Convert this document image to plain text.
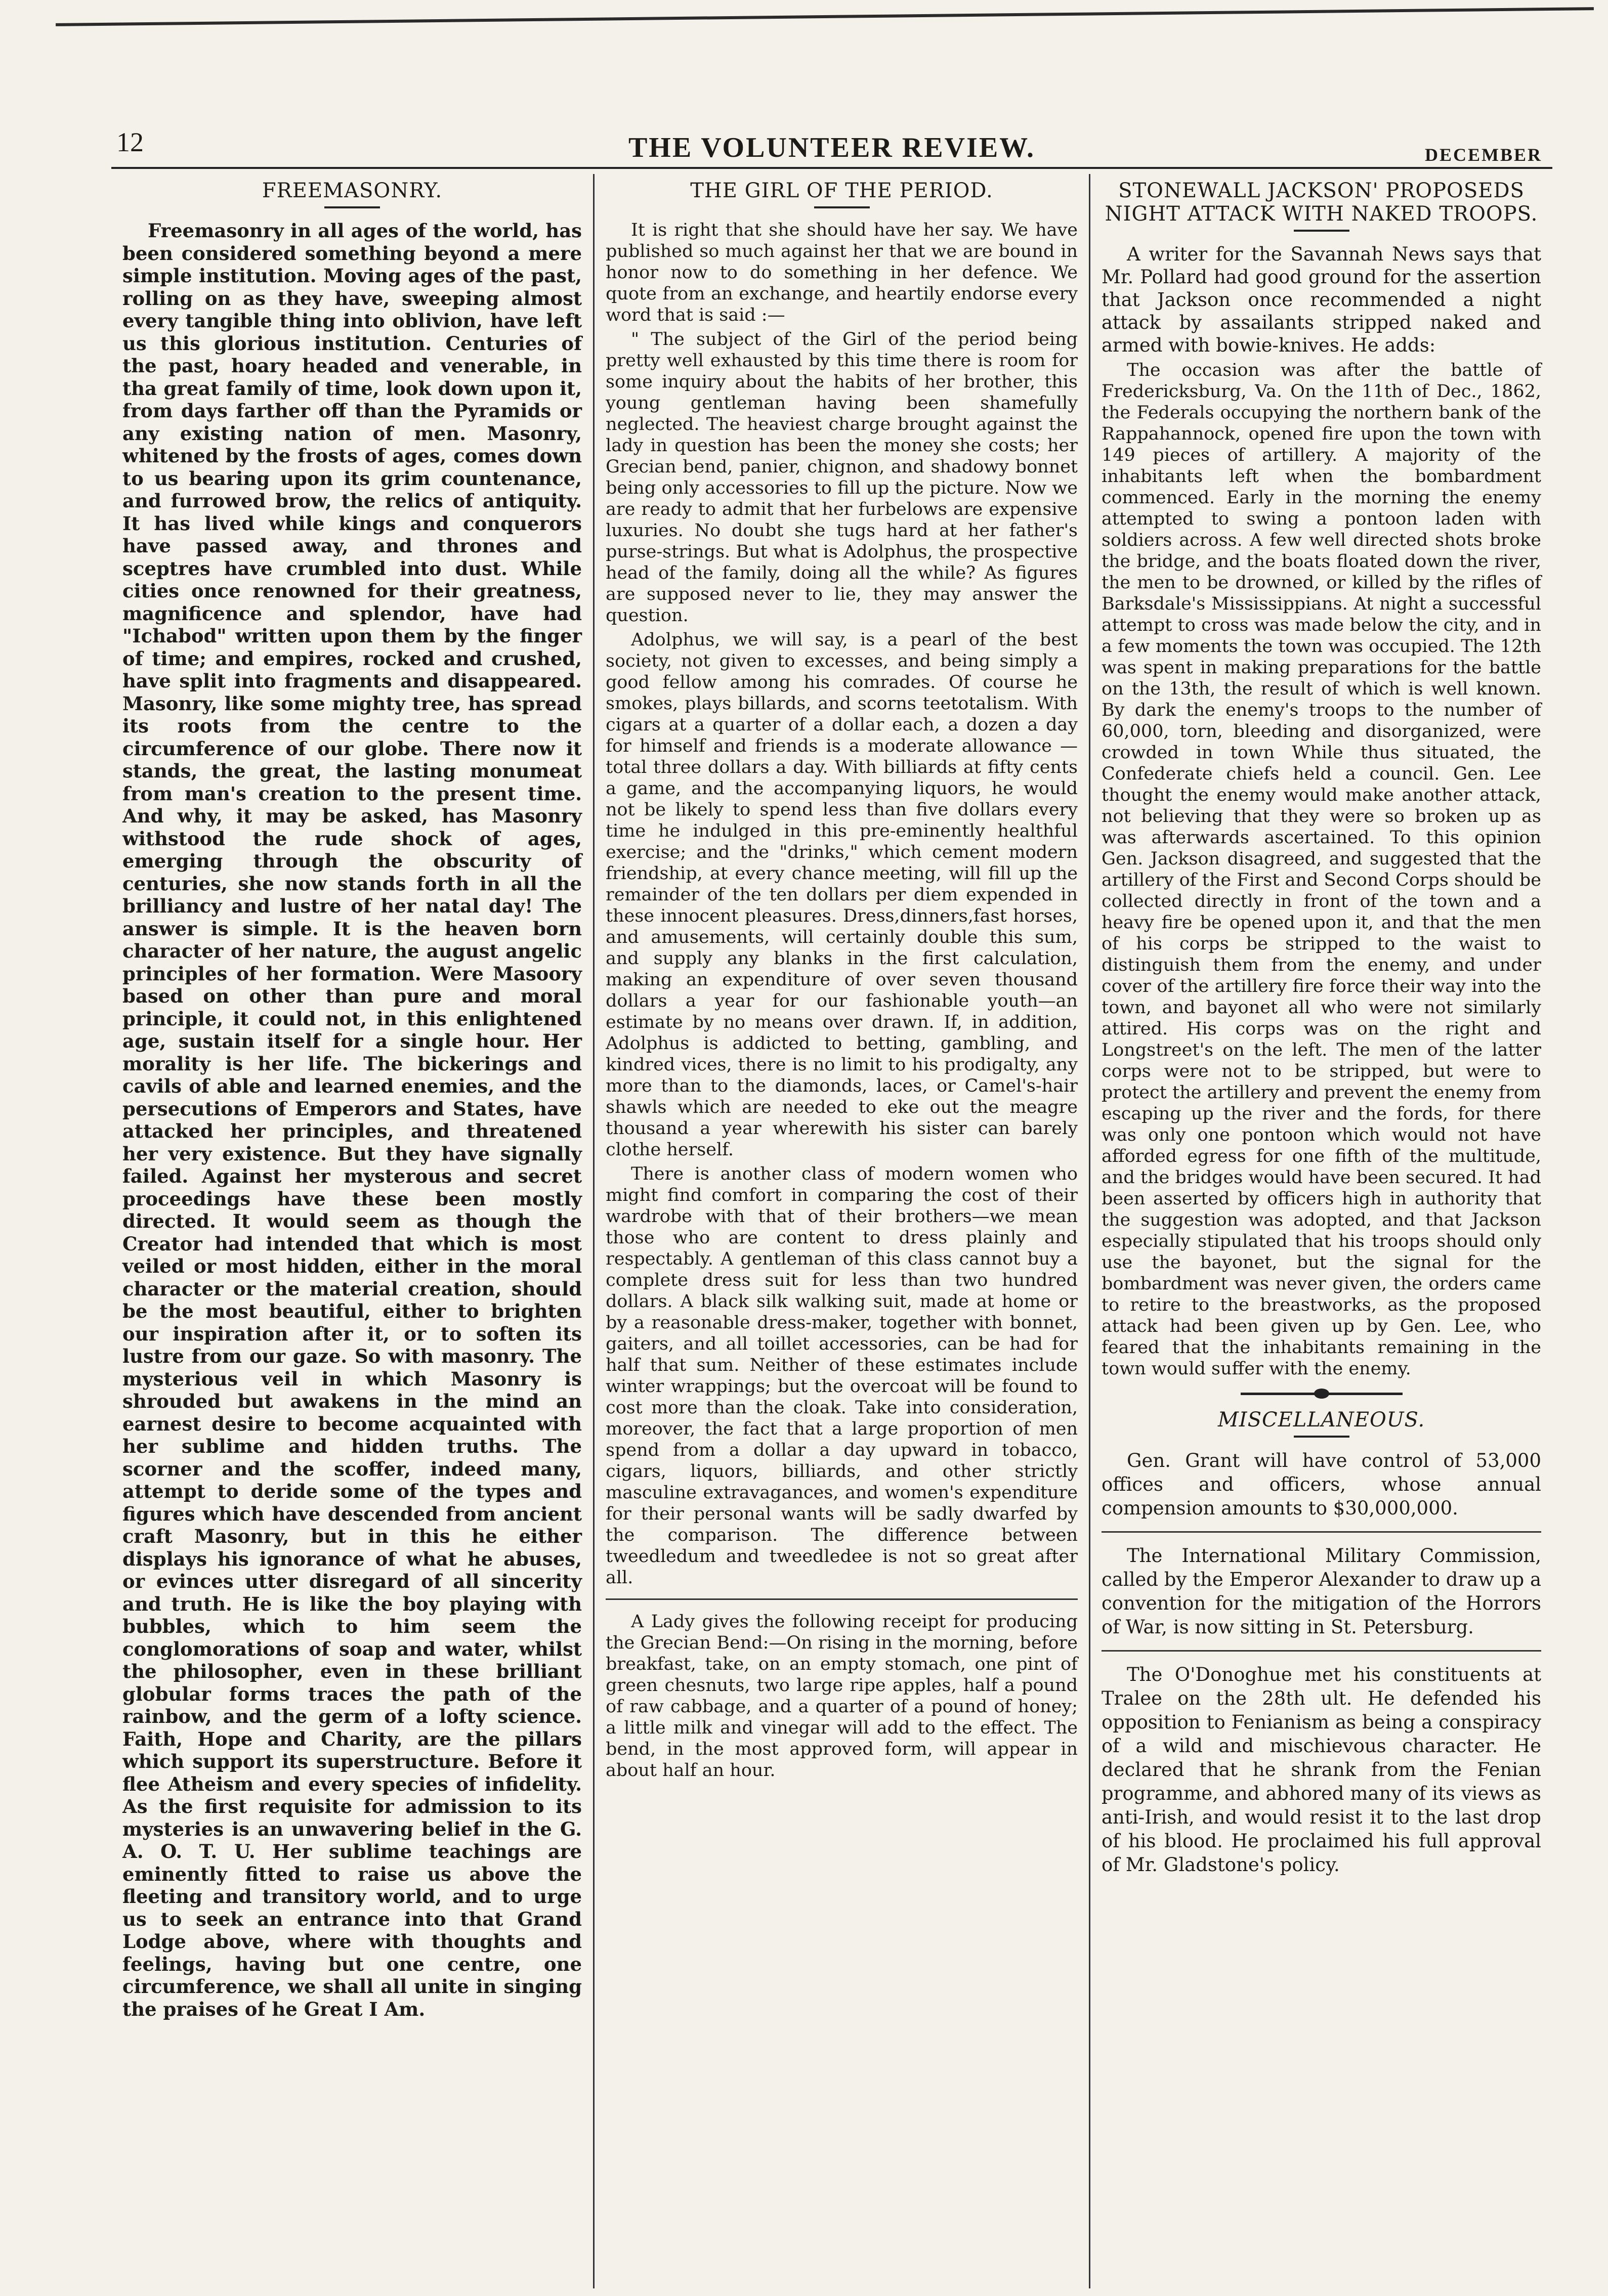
12	THE VOLUNTEER REVIEW.	DECEMBER
FREEMASONRY.

Freemasonry in all ages of the world, has been considered something beyond a mere simple institution. Moving ages of the past, rolling on as they have, sweeping almost every tangible thing into oblivion, have left us this glorious institution. Centuries of the past, hoary headed and venerable, in tha great family of time, look down upon it, from days farther off than the Pyramids or any existing nation of men. Masonry, whitened by the frosts of ages, comes down to us bearing upon its grim countenance, and furrowed brow, the relics of antiquity. It has lived while kings and conquerors have passed away, and thrones and sceptres have crumbled into dust. While cities once renowned for their greatness, magnificence and splendor, have had "Ichabod" written upon them by the finger of time; and empires, rocked and crushed, have split into fragments and disappeared. Masonry, like some mighty tree, has spread its roots from the centre to the circumference of our globe. There now it stands, the great, the lasting monumeat from man's creation to the present time. And why, it may be asked, has Masonry withstood the rude shock of ages, emerging through the obscurity of centuries, she now stands forth in all the brilliancy and lustre of her natal day! The answer is simple. It is the heaven born character of her nature, the august angelic principles of her formation. Were Masoory based on other than pure and moral principle, it could not, in this enlightened age, sustain itself for a single hour. Her morality is her life. The bickerings and cavils of able and learned enemies, and the persecutions of Emperors and States, have attacked her principles, and threatened her very existence. But they have signally failed. Against her mysterous and secret proceedings have these been mostly directed. It would seem as though the Creator had intended that which is most veiled or most hidden, either in the moral character or the material creation, should be the most beautiful, either to brighten our inspiration after it, or to soften its lustre from our gaze. So with masonry. The mysterious veil in which Masonry is shrouded but awakens in the mind an earnest desire to become acquainted with her sublime and hidden truths. The scorner and the scoffer, indeed many, attempt to deride some of the types and figures which have descended from ancient craft Masonry, but in this he either displays his ignorance of what he abuses, or evinces utter disregard of all sincerity and truth. He is like the boy playing with bubbles, which to him seem the conglomorations of soap and water, whilst the philosopher, even in these brilliant globular forms traces the path of the rainbow, and the germ of a lofty science. Faith, Hope and Charity, are the pillars which support its superstructure. Before it flee Atheism and every species of infidelity. As the first requisite for admission to its mysteries is an unwavering belief in the G. A. O. T. U. Her sublime teachings are eminently fitted to raise us above the fleeting and transitory world, and to urge us to seek an entrance into that Grand Lodge above, where with thoughts and feelings, having but one centre, one circumference, we shall all unite in singing the praises of he Great I Am.

THE GIRL OF THE PERIOD.

It is right that she should have her say. We have published so much against her that we are bound in honor now to do something in her defence. We quote from an exchange, and heartily endorse every word that is said :—

" The subject of the Girl of the period being pretty well exhausted by this time there is room for some inquiry about the habits of her brother, this young gentleman having been shamefully neglected. The heaviest charge brought against the lady in question has been the money she costs; her Grecian bend, panier, chignon, and shadowy bonnet being only accessories to fill up the picture. Now we are ready to admit that her furbelows are expensive luxuries. No doubt she tugs hard at her father's purse-strings. But what is Adolphus, the prospective head of the family, doing all the while? As figures are supposed never to lie, they may answer the question.

Adolphus, we will say, is a pearl of the best society, not given to excesses, and being simply a good fellow among his comrades. Of course he smokes, plays billards, and scorns teetotalism. With cigars at a quarter of a dollar each, a dozen a day for himself and friends is a moderate allowance —total three dollars a day. With billiards at fifty cents a game, and the accompanying liquors, he would not be likely to spend less than five dollars every time he indulged in this pre-eminently healthful exercise; and the "drinks," which cement modern friendship, at every chance meeting, will fill up the remainder of the ten dollars per diem expended in these innocent pleasures. Dress,dinners,fast horses, and amusements, will certainly double this sum, and supply any blanks in the first calculation, making an expenditure of over seven thousand dollars a year for our fashionable youth—an estimate by no means over drawn. If, in addition, Adolphus is addicted to betting, gambling, and kindred vices, there is no limit to his prodigalty, any more than to the diamonds, laces, or Camel's-hair shawls which are needed to eke out the meagre thousand a year wherewith his sister can barely clothe herself.

There is another class of modern women who might find comfort in comparing the cost of their wardrobe with that of their brothers—we mean those who are content to dress plainly and respectably. A gentleman of this class cannot buy a complete dress suit for less than two hundred dollars. A black silk walking suit, made at home or by a reasonable dress-maker, together with bonnet, gaiters, and all toillet accessories, can be had for half that sum. Neither of these estimates include winter wrappings; but the overcoat will be found to cost more than the cloak. Take into consideration, moreover, the fact that a large proportion of men spend from a dollar a day upward in tobacco, cigars, liquors, billiards, and other strictly masculine extravagances, and women's expenditure for their personal wants will be sadly dwarfed by the comparison. The difference between tweedledum and tweedledee is not so great after all.

A Lady gives the following receipt for producing the Grecian Bend:—On rising in the morning, before breakfast, take, on an empty stomach, one pint of green chesnuts, two large ripe apples, half a pound of raw cabbage, and a quarter of a pound of honey; a little milk and vinegar will add to the effect. The bend, in the most approved form, will appear in about half an hour.

STONEWALL JACKSON' PROPOSEDS NIGHT ATTACK WITH NAKED TROOPS.

A writer for the Savannah News says that Mr. Pollard had good ground for the assertion that Jackson once recommended a night attack by assailants stripped naked and armed with bowie-knives. He adds:

The occasion was after the battle of Fredericksburg, Va. On the 11th of Dec., 1862, the Federals occupying the northern bank of the Rappahannock, opened fire upon the town with 149 pieces of artillery. A majority of the inhabitants left when the bombardment commenced. Early in the morning the enemy attempted to swing a pontoon laden with soldiers across. A few well directed shots broke the bridge, and the boats floated down the river, the men to be drowned, or killed by the rifles of Barksdale's Mississippians. At night a successful attempt to cross was made below the city, and in a few moments the town was occupied. The 12th was spent in making preparations for the battle on the 13th, the result of which is well known. By dark the enemy's troops to the number of 60,000, torn, bleeding and disorganized, were crowded in town While thus situated, the Confederate chiefs held a council. Gen. Lee thought the enemy would make another attack, not believing that they were so broken up as was afterwards ascertained. To this opinion Gen. Jackson disagreed, and suggested that the artillery of the First and Second Corps should be collected directly in front of the town and a heavy fire be opened upon it, and that the men of his corps be stripped to the waist to distinguish them from the enemy, and under cover of the artillery fire force their way into the town, and bayonet all who were not similarly attired. His corps was on the right and Longstreet's on the left. The men of the latter corps were not to be stripped, but were to protect the artillery and prevent the enemy from escaping up the river and the fords, for there was only one pontoon which would not have afforded egress for one fifth of the multitude, and the bridges would have been secured. It had been asserted by officers high in authority that the suggestion was adopted, and that Jackson especially stipulated that his troops should only use the bayonet, but the signal for the bombardment was never given, the orders came to retire to the breastworks, as the proposed attack had been given up by Gen. Lee, who feared that the inhabitants remaining in the town would suffer with the enemy.

MISCELLANEOUS.

Gen. Grant will have control of 53,000 offices and officers, whose annual compension amounts to $30,000,000.

The International Military Commission, called by the Emperor Alexander to draw up a convention for the mitigation of the Horrors of War, is now sitting in St. Petersburg.

The O'Donoghue met his constituents at Tralee on the 28th ult. He defended his opposition to Fenianism as being a conspiracy of a wild and mischievous character. He declared that he shrank from the Fenian programme, and abhored many of its views as anti-Irish, and would resist it to the last drop of his blood. He proclaimed his full approval of Mr. Gladstone's policy.
